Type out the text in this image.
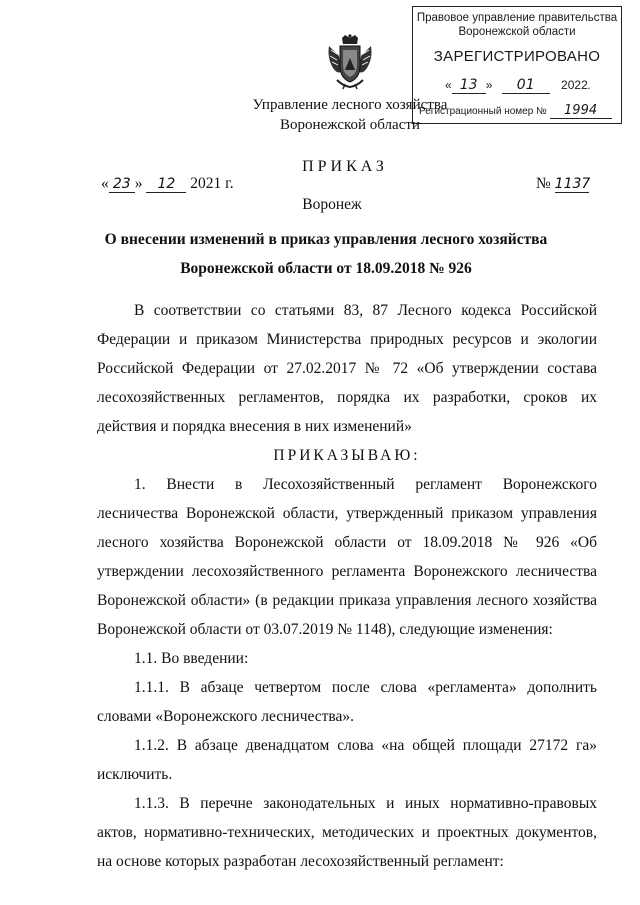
Правовое управление правительства
Воронежской области
ЗАРЕГИСТРИРОВАНО
« 13 » 01 2022.
Регистрационный номер № 1994
Управление лесного хозяйства
Воронежской области
ПРИКАЗ
« 23 » 12 2021 г.	№ 1137
Воронеж
О внесении изменений в приказ управления лесного хозяйства
Воронежской области от 18.09.2018 № 926

В соответствии со статьями 83, 87 Лесного кодекса Российской Федерации и приказом Министерства природных ресурсов и экологии Российской Федерации от 27.02.2017 № 72 «Об утверждении состава лесохозяйственных регламентов, порядка их разработки, сроков их действия и порядка внесения в них изменений»

ПРИКАЗЫВАЮ:

1. Внести в Лесохозяйственный регламент Воронежского лесничества Воронежской области, утвержденный приказом управления лесного хозяйства Воронежской области от 18.09.2018 № 926 «Об утверждении лесохозяйственного регламента Воронежского лесничества Воронежской области» (в редакции приказа управления лесного хозяйства Воронежской области от 03.07.2019 № 1148), следующие изменения:

1.1. Во введении:

1.1.1. В абзаце четвертом после слова «регламента» дополнить словами «Воронежского лесничества».

1.1.2. В абзаце двенадцатом слова «на общей площади 27172 га» исключить.

1.1.3. В перечне законодательных и иных нормативно-правовых актов, нормативно-технических, методических и проектных документов, на основе которых разработан лесохозяйственный регламент:
